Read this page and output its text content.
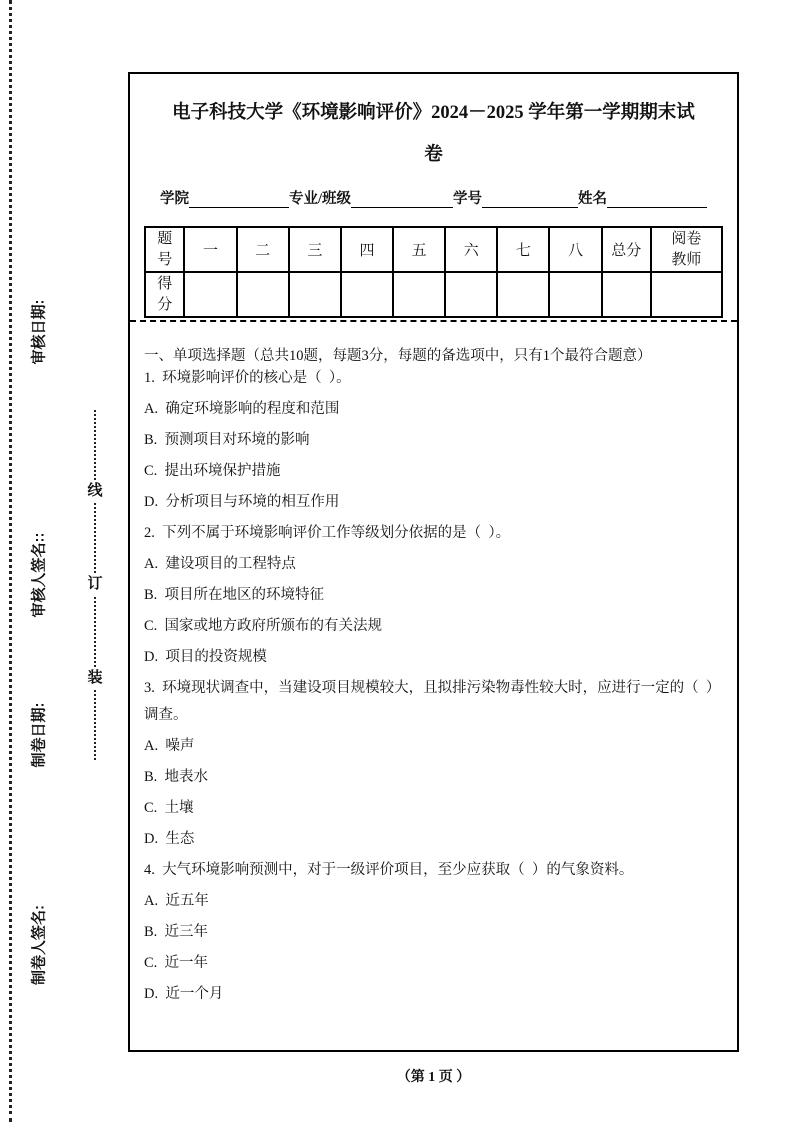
审核日期:
审核人签名::
制卷日期:
制卷人签名:
线
订
装
电子科技大学《环境影响评价》2024－2025 学年第一学期期末试卷
学院	专业/班级	学号	姓名
题号	一	二	三	四	五	六	七	八	总分	阅卷教师
得分										
一、单项选择题（总共10题，每题3分，每题的备选项中，只有1个最符合题意）
1.  环境影响评价的核心是（  ）。
A.  确定环境影响的程度和范围
B.  预测项目对环境的影响
C.  提出环境保护措施
D.  分析项目与环境的相互作用
2.  下列不属于环境影响评价工作等级划分依据的是（  ）。
A.  建设项目的工程特点
B.  项目所在地区的环境特征
C.  国家或地方政府所颁布的有关法规
D.  项目的投资规模
3.  环境现状调查中，当建设项目规模较大，且拟排污染物毒性较大时，应进行一定的（  ）调查。
A.  噪声
B.  地表水
C.  土壤
D.  生态
4.  大气环境影响预测中，对于一级评价项目，至少应获取（  ）的气象资料。
A.  近五年
B.  近三年
C.  近一年
D.  近一个月
（第 1 页 ）
